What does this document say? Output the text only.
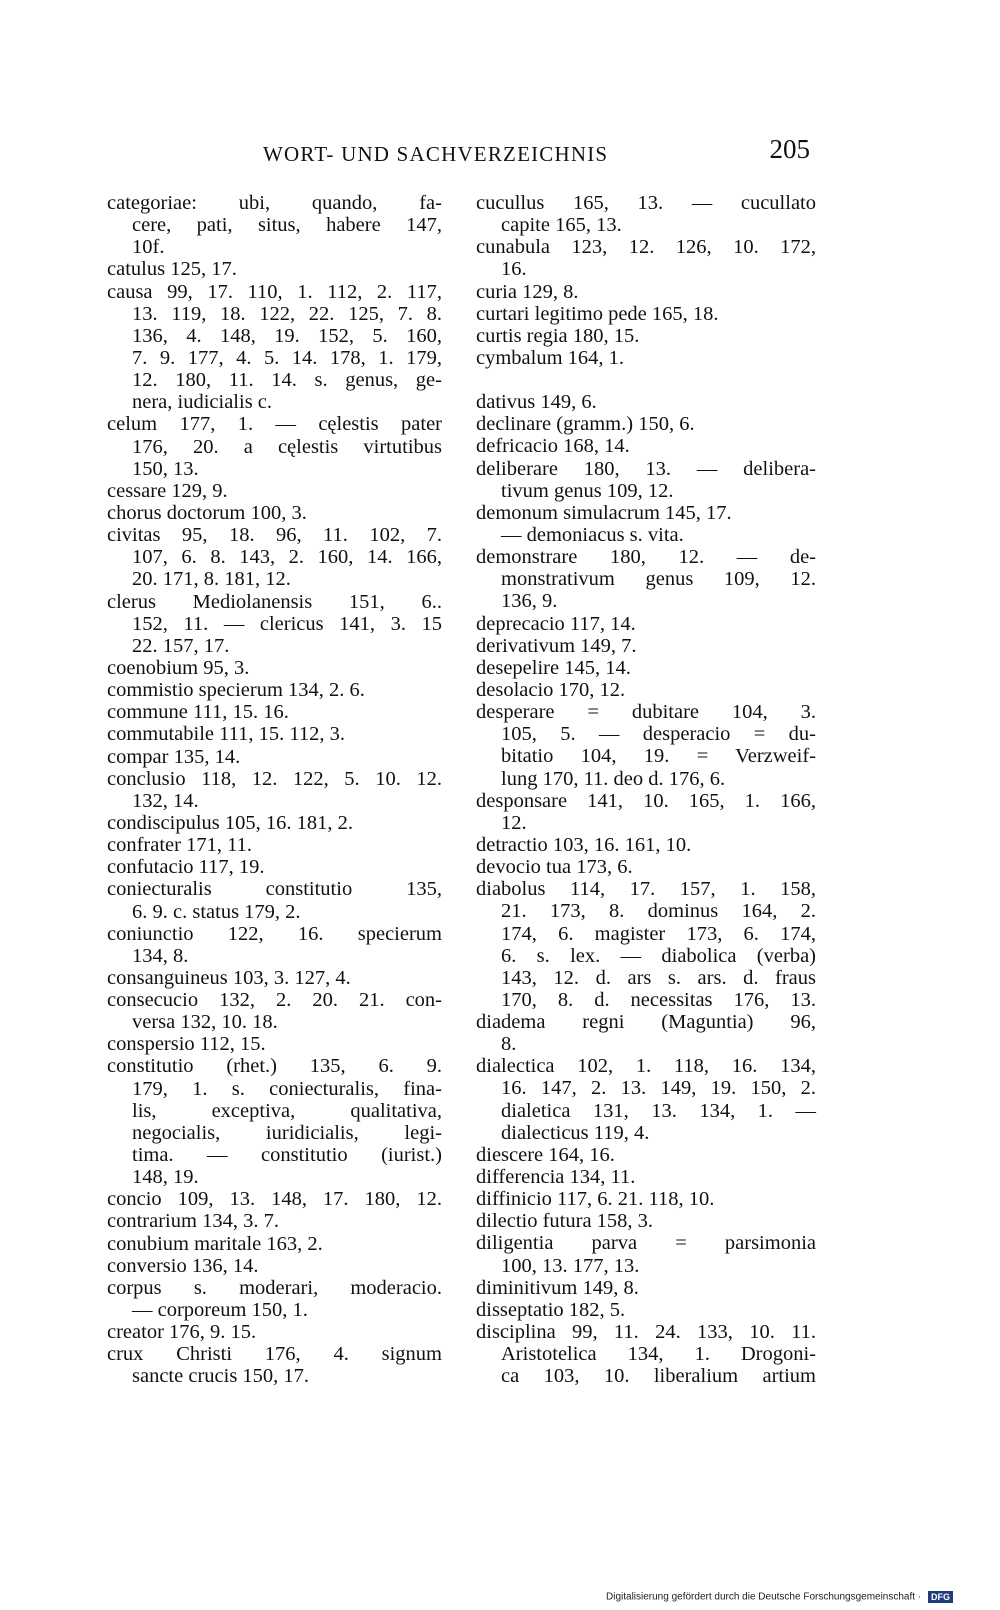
WORT- UND SACHVERZEICHNIS	205
categoriae: ubi, quando, fa-
cere, pati, situs, habere 147,
10f.
catulus 125, 17.
causa 99, 17. 110, 1. 112, 2. 117,
13. 119, 18. 122, 22. 125, 7. 8.
136, 4. 148, 19. 152, 5. 160,
7. 9. 177, 4. 5. 14. 178, 1. 179,
12. 180, 11. 14. s. genus, ge-
nera, iudicialis c.
celum 177, 1. — cęlestis pater
176, 20. a cęlestis virtutibus
150, 13.
cessare 129, 9.
chorus doctorum 100, 3.
civitas 95, 18. 96, 11. 102, 7.
107, 6. 8. 143, 2. 160, 14. 166,
20. 171, 8. 181, 12.
clerus Mediolanensis 151, 6..
152, 11. — clericus 141, 3. 15
22. 157, 17.
coenobium 95, 3.
commistio specierum 134, 2. 6.
commune 111, 15. 16.
commutabile 111, 15. 112, 3.
compar 135, 14.
conclusio 118, 12. 122, 5. 10. 12.
132, 14.
condiscipulus 105, 16. 181, 2.
confrater 171, 11.
confutacio 117, 19.
coniecturalis constitutio 135,
6. 9. c. status 179, 2.
coniunctio 122, 16. specierum
134, 8.
consanguineus 103, 3. 127, 4.
consecucio 132, 2. 20. 21. con-
versa 132, 10. 18.
conspersio 112, 15.
constitutio (rhet.) 135, 6. 9.
179, 1. s. coniecturalis, fina-
lis, exceptiva, qualitativa,
negocialis, iuridicialis, legi-
tima. — constitutio (iurist.)
148, 19.
concio 109, 13. 148, 17. 180, 12.
contrarium 134, 3. 7.
conubium maritale 163, 2.
conversio 136, 14.
corpus s. moderari, moderacio.
— corporeum 150, 1.
creator 176, 9. 15.
crux Christi 176, 4. signum
sancte crucis 150, 17.
cucullus 165, 13. — cucullato
capite 165, 13.
cunabula 123, 12. 126, 10. 172,
16.
curia 129, 8.
curtari legitimo pede 165, 18.
curtis regia 180, 15.
cymbalum 164, 1.
dativus 149, 6.
declinare (gramm.) 150, 6.
defricacio 168, 14.
deliberare 180, 13. — delibera-
tivum genus 109, 12.
demonum simulacrum 145, 17.
— demoniacus s. vita.
demonstrare 180, 12. — de-
monstrativum genus 109, 12.
136, 9.
deprecacio 117, 14.
derivativum 149, 7.
desepelire 145, 14.
desolacio 170, 12.
desperare = dubitare 104, 3.
105, 5. — desperacio = du-
bitatio 104, 19. = Verzweif-
lung 170, 11. deo d. 176, 6.
desponsare 141, 10. 165, 1. 166,
12.
detractio 103, 16. 161, 10.
devocio tua 173, 6.
diabolus 114, 17. 157, 1. 158,
21. 173, 8. dominus 164, 2.
174, 6. magister 173, 6. 174,
6. s. lex. — diabolica (verba)
143, 12. d. ars s. ars. d. fraus
170, 8. d. necessitas 176, 13.
diadema regni (Maguntia) 96,
8.
dialectica 102, 1. 118, 16. 134,
16. 147, 2. 13. 149, 19. 150, 2.
dialetica 131, 13. 134, 1. —
dialecticus 119, 4.
diescere 164, 16.
differencia 134, 11.
diffinicio 117, 6. 21. 118, 10.
dilectio futura 158, 3.
diligentia parva = parsimonia
100, 13. 177, 13.
diminitivum 149, 8.
disseptatio 182, 5.
disciplina 99, 11. 24. 133, 10. 11.
Aristotelica 134, 1. Drogoni-
ca 103, 10. liberalium artium
Digitalisierung gefördert durch die Deutsche Forschungsgemeinschaft · DFG
